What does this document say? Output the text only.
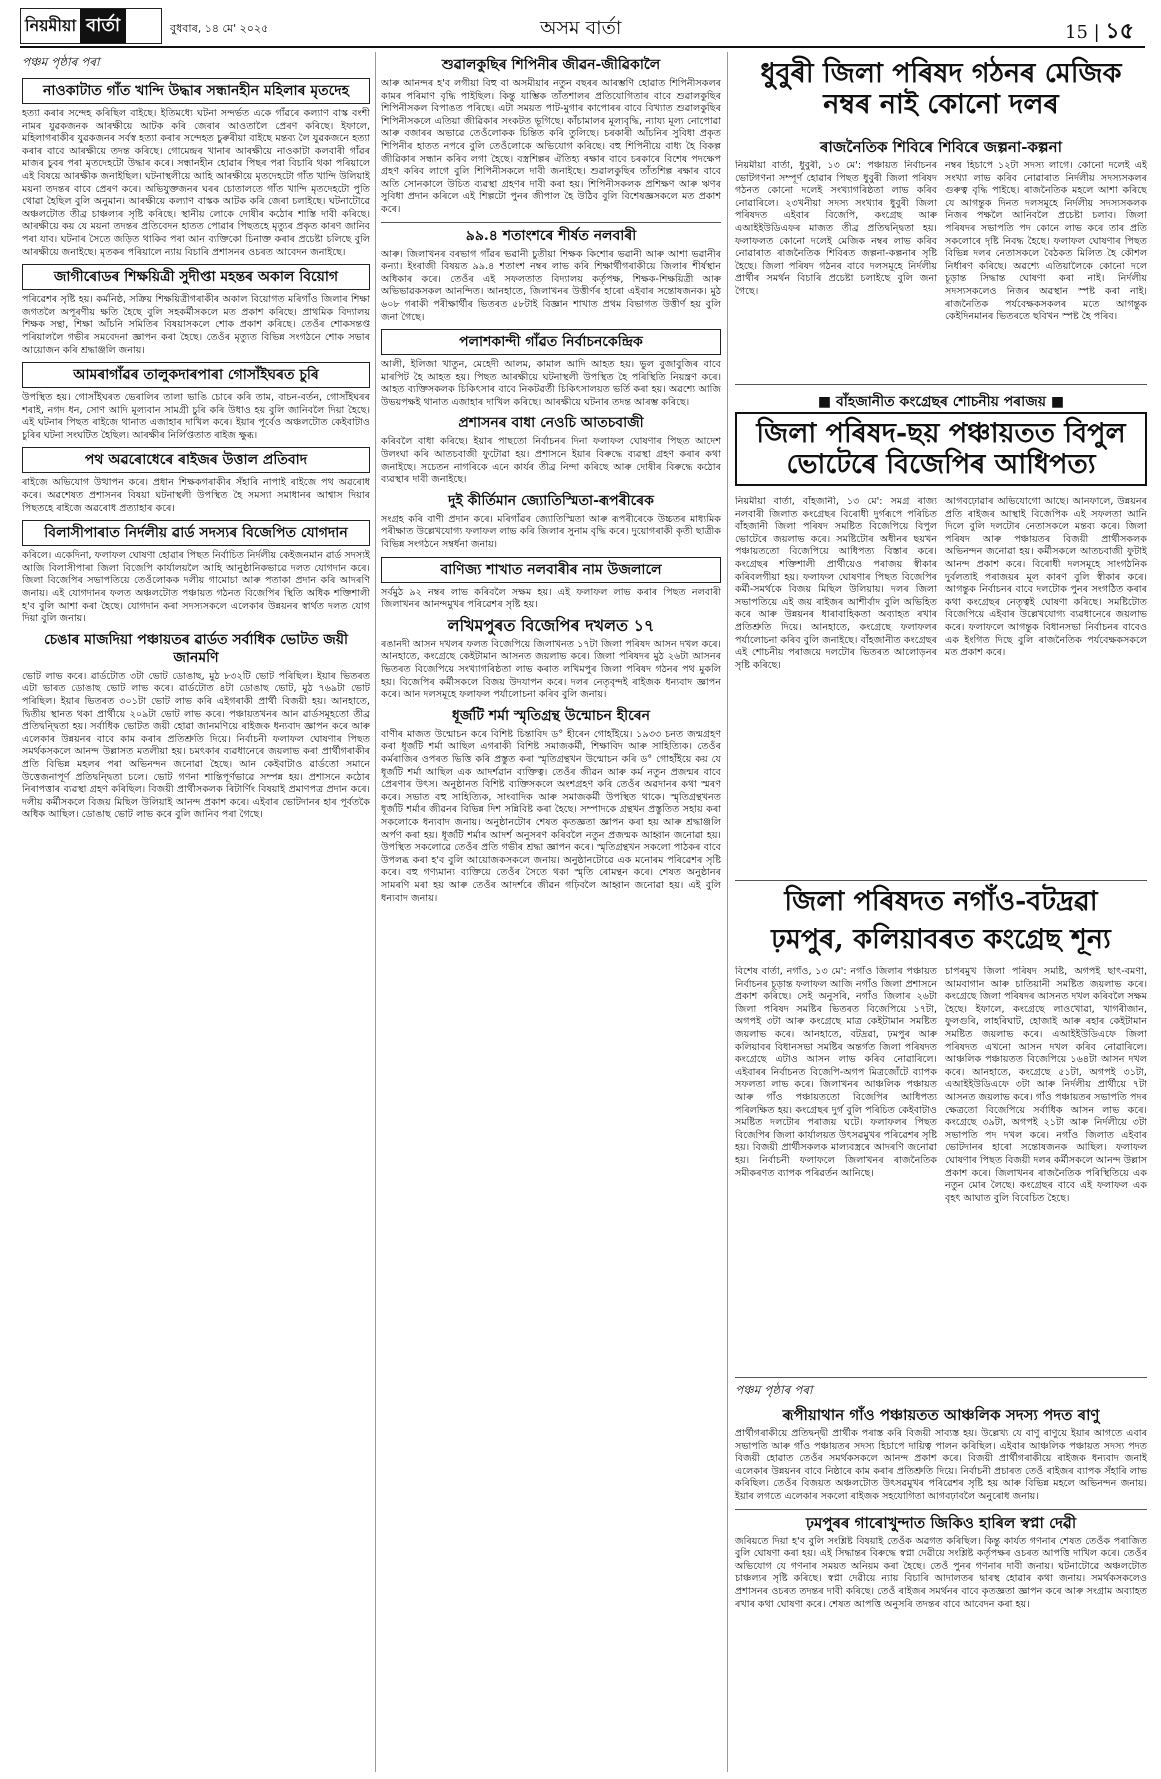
নিয়মীয়া বাৰ্তা	বুধবাৰ, ১৪ মে' ২০২৫	অসম বাৰ্তা	15 | ১৫
পঞ্চম পৃষ্ঠাৰ পৰা
নাওকাটাত গাঁত খান্দি উদ্ধাৰ সন্ধানহীন মহিলাৰ মৃতদেহ

হত্যা কৰাৰ সন্দেহ কৰিছিল বাইছে। ইতিমধ্যে ঘটনা সন্দৰ্ভত একে গাঁৱৰে কল্যাণ বাস্ক বংশী নামৰ যুৱকজনক আৰক্ষীয়ে আটক কৰি জেৰাৰ আওতালৈ প্ৰেৰণ কৰিছে। ইফালে, মহিলাগৰাকীৰ যুৱকজনৰ সৰ্বস্ব হত্যা কৰাৰ সন্দেহত চুৰুৰীয়া বাইছে মন্তব্য লৈ যুৱকজনে হত্যা কৰাৰ বাবে আৰক্ষীয়ে তদন্ত কৰিছে। গোমেন্দ্ৰৰ খানাৰ আৰক্ষীয়ে নাওকাটা কলবাৰী গাঁৱৰ মাজৰ চুবৰ পৰা মৃতদেহটো উদ্ধাৰ কৰে। সন্ধানহীন হোৱাৰ পিছৰ পৰা বিচাৰি থকা পৰিয়ালে এই বিষয়ে আৰক্ষীক জনাইছিল। ঘটনাস্থলীয়ে আহি আৰক্ষীয়ে মৃতদেহটো গাঁত খান্দি উলিয়াই ময়না তদন্তৰ বাবে প্ৰেৰণ কৰে। অভিযুক্তজনৰ ঘৰৰ চোতালতে গাঁত খান্দি মৃতদেহটো পুতি থোৱা হৈছিল বুলি অনুমান। আৰক্ষীয়ে কল্যাণ বাস্কক আটক কৰি জেৰা চলাইছে। ঘটনাটোৱে অঞ্চলটোত তীব্ৰ চাঞ্চল্যৰ সৃষ্টি কৰিছে। স্থানীয় লোকে দোষীৰ কঠোৰ শাস্তি দাবী কৰিছে। আৰক্ষীয়ে কয় যে ময়না তদন্তৰ প্ৰতিবেদন হাতত পোৱাৰ পিছতহে মৃত্যুৰ প্ৰকৃত কাৰণ জানিব পৰা যাব। ঘটনাৰ সৈতে জড়িত থাকিব পৰা আন ব্যক্তিকো চিনাক্ত কৰাৰ প্ৰচেষ্টা চলিছে বুলি আৰক্ষীয়ে জনাইছে। মৃতকৰ পৰিয়ালে ন্যায় বিচাৰি প্ৰশাসনৰ ওচৰত আবেদন জনাইছে।

জাগীৰোডৰ শিক্ষয়িত্ৰী সুদীপ্তা মহন্তৰ অকাল বিয়োগ

পৰিৱেশৰ সৃষ্টি হয়। কৰ্মনিষ্ঠ, সক্ৰিয় শিক্ষয়িত্ৰীগৰাকীৰ অকাল বিয়োগত মৰিগাঁও জিলাৰ শিক্ষা জগতলৈ অপূৰণীয় ক্ষতি হৈছে বুলি সহকৰ্মীসকলে মত প্ৰকাশ কৰিছে। প্ৰাথমিক বিদ্যালয় শিক্ষক সন্থা, শিক্ষা আঁচনি সমিতিৰ বিষয়াসকলে শোক প্ৰকাশ কৰিছে। তেওঁৰ শোকসন্তপ্ত পৰিয়াললৈ গভীৰ সমবেদনা জ্ঞাপন কৰা হৈছে। তেওঁৰ মৃত্যুত বিভিন্ন সংগঠনে শোক সভাৰ আয়োজন কৰি শ্ৰদ্ধাঞ্জলি জনায়।

আমৰাগাঁৱৰ তালুকদাৰপাৰা গোসাঁইঘৰত চুৰি

উপস্থিত হয়। গোসাঁইঘৰত ভেৰালিৰ তালা ভাঙি চোৰে কৰি তাম, বাচন-বৰ্তন, গোসাঁইঘৰৰ শৰাই, নগদ ধন, সোণ আদি মূল্যবান সামগ্ৰী চুৰি কৰি উধাও হয় বুলি জানিবলৈ দিয়া হৈছে। এই ঘটনাৰ পিছত ৰাইজে থানাত এজাহাৰ দাখিল কৰে। ইয়াৰ পূৰ্বেও অঞ্চলটোত কেইবাটাও চুৰিৰ ঘটনা সংঘটিত হৈছিল। আৰক্ষীৰ নিৰ্লিপ্ততাত ৰাইজ ক্ষুব্ধ।

পথ অৱৰোধেৰে ৰাইজৰ উত্তাল প্ৰতিবাদ

ৰাইজে অভিযোগ উত্থাপন কৰে। প্ৰধান শিক্ষকগৰাকীৰ সঁহাৰি নাপাই ৰাইজে পথ অৱৰোধ কৰে। অৱশেষত প্ৰশাসনৰ বিষয়া ঘটনাস্থলী উপস্থিত হৈ সমস্যা সমাধানৰ আশ্বাস দিয়াৰ পিছতহে ৰাইজে অৱৰোধ প্ৰত্যাহাৰ কৰে।

বিলাসীপাৰাত নিৰ্দলীয় ৱাৰ্ড সদস্যৰ বিজেপিত যোগদান

কৰিলে। একেদিনা, ফলাফল ঘোষণা হোৱাৰ পিছত নিৰ্বাচিত নিৰ্দলীয় কেইজনমান ৱাৰ্ড সদস্যই আজি বিলাসীপাৰা জিলা বিজেপি কাৰ্যালয়লৈ আহি আনুষ্ঠানিকভাৱে দলত যোগদান কৰে। জিলা বিজেপিৰ সভাপতিয়ে তেওঁলোকক দলীয় গামোচা আৰু পতাকা প্ৰদান কৰি আদৰণি জনায়। এই যোগদানৰ ফলত অঞ্চলটোত পঞ্চায়ত গঠনত বিজেপিৰ স্থিতি অধিক শক্তিশালী হ'ব বুলি আশা কৰা হৈছে। যোগদান কৰা সদস্যসকলে এলেকাৰ উন্নয়নৰ স্বাৰ্থত দলত যোগ দিয়া বুলি জনায়।

চেঙাৰ মাজদিয়া পঞ্চায়তৰ ৱাৰ্ডত সৰ্বাধিক ভোটত জয়ী জানমণি

ভোট লাভ কৰে। ৱাৰ্ডটোত ৩টা ভোট ডোঙাছ, মুঠ ৮৩২টি ভোট পৰিছিল। ইয়াৰ ভিতৰত এটা ভাৰত ডোঙাছ ভোট লাভ কৰে। ৱাৰ্ডটোত ৪টা ডোঙাছ ভোট, মুঠ ৭৬৯টা ভোট পৰিছিল। ইয়াৰ ভিতৰত ৩০১টা ভোট লাভ কৰি এইগৰাকী প্ৰাৰ্থী বিজয়ী হয়। আনহাতে, দ্বিতীয় স্থানত থকা প্ৰাৰ্থীয়ে ২০৯টা ভোট লাভ কৰে। পঞ্চায়তখনৰ আন ৱাৰ্ডসমূহতো তীব্ৰ প্ৰতিদ্বন্দ্বিতা হয়। সৰ্বাধিক ভোটত জয়ী হোৱা জানমণিয়ে ৰাইজক ধন্যবাদ জ্ঞাপন কৰে আৰু এলেকাৰ উন্নয়নৰ বাবে কাম কৰাৰ প্ৰতিশ্ৰুতি দিয়ে। নিৰ্বাচনী ফলাফল ঘোষণাৰ পিছত সমৰ্থকসকলে আনন্দ উল্লাসত মতলীয়া হয়। চমৎকাৰ ব্যৱধানেৰে জয়লাভ কৰা প্ৰাৰ্থীগৰাকীৰ প্ৰতি বিভিন্ন মহলৰ পৰা অভিনন্দন জনোৱা হৈছে। আন কেইবাটাও ৱাৰ্ডতো সমানে উত্তেজনাপূৰ্ণ প্ৰতিদ্বন্দ্বিতা চলে। ভোট গণনা শান্তিপূৰ্ণভাৱে সম্পন্ন হয়। প্ৰশাসনে কঠোৰ নিৰাপত্তাৰ ব্যৱস্থা গ্ৰহণ কৰিছিল। বিজয়ী প্ৰাৰ্থীসকলক ৰিটাৰ্ণিং বিষয়াই প্ৰমাণপত্ৰ প্ৰদান কৰে। দলীয় কৰ্মীসকলে বিজয় মিছিল উলিয়াই আনন্দ প্ৰকাশ কৰে। এইবাৰ ভোটদানৰ হাৰ পূৰ্বতকৈ অধিক আছিল। ডোঙাছ ভোট লাভ কৰে বুলি জানিব পৰা গৈছে।

শুৱালকুছিৰ শিপিনীৰ জীৱন-জীৱিকালৈ

আৰু আনন্দৰ হ'ব লগীয়া বিহু বা অসমীয়াৰ নতুন বছৰৰ আৰম্ভণি হোৱাত শিপিনীসকলৰ কামৰ পৰিমাণ বৃদ্ধি পাইছিল। কিন্তু যাম্ভিক তাঁতশালৰ প্ৰতিযোগিতাৰ বাবে শুৱালকুছিৰ শিপিনীসকল বিপাঙত পৰিছে। এটা সময়ত পাট-মুগাৰ কাপোৰৰ বাবে বিখ্যাত শুৱালকুছিৰ শিপিনীসকলে এতিয়া জীৱিকাৰ সংকটত ভূগিছে। কাঁচামালৰ মূল্যবৃদ্ধি, ন্যায্য মূল্য নোপোৱা আৰু বজাৰৰ অভাৱে তেওঁলোকক চিন্তিত কৰি তুলিছে। চৰকাৰী আঁচনিৰ সুবিধা প্ৰকৃত শিপিনীৰ হাতত নপৰে বুলি তেওঁলোকে অভিযোগ কৰিছে। বহু শিপিনীয়ে বাধ্য হৈ বিকল্প জীৱিকাৰ সন্ধান কৰিব লগা হৈছে। বস্ত্ৰশিল্পৰ ঐতিহ্য ৰক্ষাৰ বাবে চৰকাৰে বিশেষ পদক্ষেপ গ্ৰহণ কৰিব লাগে বুলি শিপিনীসকলে দাবী জনাইছে। শুৱালকুছিৰ তাঁতশিল্প ৰক্ষাৰ বাবে অতি সোনকালে উচিত ব্যৱস্থা গ্ৰহণৰ দাবী কৰা হয়। শিপিনীসকলক প্ৰশিক্ষণ আৰু ঋণৰ সুবিধা প্ৰদান কৰিলে এই শিল্পটো পুনৰ জীপাল হৈ উঠিব বুলি বিশেষজ্ঞসকলে মত প্ৰকাশ কৰে।

৯৯.৪ শতাংশৰে শীৰ্ষত নলবাৰী

আৰু। জিলাখনৰ বৰভাগ গাঁৱৰ ভৱানী চুতীয়া শিক্ষক কিশোৰ ভৱানী আৰু আশা ভৱানীৰ কন্যা। ইংৰাজী বিষয়ত ৯৯.৪ শতাংশ নম্বৰ লাভ কৰি শিক্ষাৰ্থীগৰাকীয়ে জিলাৰ শীৰ্ষস্থান অধিকাৰ কৰে। তেওঁৰ এই সফলতাত বিদ্যালয় কৰ্তৃপক্ষ, শিক্ষক-শিক্ষয়িত্ৰী আৰু অভিভাৱকসকল আনন্দিত। আনহাতে, জিলাখনৰ উত্তীৰ্ণৰ হাৰো এইবাৰ সন্তোষজনক। মুঠ ৬০৮ গৰাকী পৰীক্ষাৰ্থীৰ ভিতৰত ৫৮টাই বিজ্ঞান শাখাত প্ৰথম বিভাগত উত্তীৰ্ণ হয় বুলি জনা গৈছে।

পলাশকান্দী গাঁৱত নিৰ্বাচনকেন্দ্ৰিক

আলী, ইলিজা খাতুন, মেহেদী আলম, কামাল আদি আহত হয়। ভুল বুজাবুজিৰ বাবে মাৰপিট হৈ আহত হয়। পিছত আৰক্ষীয়ে ঘটনাস্থলী উপস্থিত হৈ পৰিস্থিতি নিয়ন্ত্ৰণ কৰে। আহত ব্যক্তিসকলক চিকিৎসাৰ বাবে নিকটৱৰ্তী চিকিৎসালয়ত ভৰ্তি কৰা হয়। অৱশ্যে আজি উভয়পক্ষই থানাত এজাহাৰ দাখিল কৰিছে। আৰক্ষীয়ে ঘটনাৰ তদন্ত আৰম্ভ কৰিছে।

প্ৰশাসনৰ বাধা নেওচি আতচবাজী

কৰিবলৈ বাধা কৰিছে। ইয়াৰ পাছতো নিৰ্বাচনৰ দিনা ফলাফল ঘোষণাৰ পিছত আদেশ উলংঘা কৰি আতচবাজী ফুটোৱা হয়। প্ৰশাসনে ইয়াৰ বিৰুদ্ধে ব্যৱস্থা গ্ৰহণ কৰাৰ কথা জনাইছে। সচেতন নাগৰিকে এনে কাৰ্যৰ তীব্ৰ নিন্দা কৰিছে আৰু দোষীৰ বিৰুদ্ধে কঠোৰ ব্যৱস্থাৰ দাবী জনাইছে।

দুই কীৰ্তিমান জ্যোতিস্মিতা-ৰূপৰীৰেক

সংগ্ৰহ কৰি বাণী প্ৰদান কৰে। মৰিগাঁৱৰ জ্যোতিস্মিতা আৰু ৰূপৰীৰেকে উচ্চতৰ মাধ্যমিক পৰীক্ষাত উল্লেখযোগ্য ফলাফল লাভ কৰি জিলাৰ সুনাম বৃদ্ধি কৰে। দুয়োগৰাকী কৃতী ছাত্ৰীক বিভিন্ন সংগঠনে সম্বৰ্ধনা জনায়।

বাণিজ্য শাখাত নলবাৰীৰ নাম উজলালে

সৰ্বমুঠ ৯২ নম্বৰ লাভ কৰিবলৈ সক্ষম হয়। এই ফলাফল লাভ কৰাৰ পিছত নলবাৰী জিলাখনৰ আনন্দমুখৰ পৰিৱেশৰ সৃষ্টি হয়।

লখিমপুৰত বিজেপিৰ দখলত ১৭

ৰঙানদী আসন দখলৰ ফলত বিজেপিয়ে জিলাখনত ১৭টা জিলা পৰিষদ আসন দখল কৰে। আনহাতে, কংগ্ৰেছে কেইটামান আসনত জয়লাভ কৰে। জিলা পৰিষদৰ মুঠ ২৬টা আসনৰ ভিতৰত বিজেপিয়ে সংখ্যাগৰিষ্ঠতা লাভ কৰাত লখিমপুৰ জিলা পৰিষদ গঠনৰ পথ মুকলি হয়। বিজেপিৰ কৰ্মীসকলে বিজয় উদযাপন কৰে। দলৰ নেতৃবৃন্দই ৰাইজক ধন্যবাদ জ্ঞাপন কৰে। আন দলসমূহে ফলাফল পৰ্যালোচনা কৰিব বুলি জনায়।

ধূৰ্জটি শৰ্মা স্মৃতিগ্ৰন্থ উন্মোচন হীৰেন

বাণীৰ মাজত উন্মোচন কৰে বিশিষ্ট চিন্তাবিদ ড° হীৰেন গোহাঁইয়ে। ১৯৩৩ চনত জন্মগ্ৰহণ কৰা ধূৰ্জটি শৰ্মা আছিল এগৰাকী বিশিষ্ট সমাজকৰ্মী, শিক্ষাবিদ আৰু সাহিত্যিক। তেওঁৰ কৰ্মৰাজিৰ ওপৰত ভিত্তি কৰি প্ৰস্তুত কৰা স্মৃতিগ্ৰন্থখন উন্মোচন কৰি ড° গোহাঁইয়ে কয় যে ধূৰ্জটি শৰ্মা আছিল এক আদৰ্শৱান ব্যক্তিত্ব। তেওঁৰ জীৱন আৰু কৰ্ম নতুন প্ৰজন্মৰ বাবে প্ৰেৰণাৰ উৎস। অনুষ্ঠানত বিশিষ্ট ব্যক্তিসকলে অংশগ্ৰহণ কৰি তেওঁৰ অৱদানৰ কথা স্মৰণ কৰে। সভাত বহু সাহিত্যিক, সাংবাদিক আৰু সমাজকৰ্মী উপস্থিত থাকে। স্মৃতিগ্ৰন্থখনত ধূৰ্জটি শৰ্মাৰ জীৱনৰ বিভিন্ন দিশ সন্নিবিষ্ট কৰা হৈছে। সম্পাদকে গ্ৰন্থখন প্ৰস্তুতিত সহায় কৰা সকলোকে ধন্যবাদ জনায়। অনুষ্ঠানটোৰ শেষত কৃতজ্ঞতা জ্ঞাপন কৰা হয় আৰু শ্ৰদ্ধাঞ্জলি অৰ্পণ কৰা হয়। ধূৰ্জটি শৰ্মাৰ আদৰ্শ অনুসৰণ কৰিবলৈ নতুন প্ৰজন্মক আহ্বান জনোৱা হয়। উপস্থিত সকলোৱে তেওঁৰ প্ৰতি গভীৰ শ্ৰদ্ধা জ্ঞাপন কৰে। স্মৃতিগ্ৰন্থখন সকলো পাঠকৰ বাবে উপলব্ধ কৰা হ'ব বুলি আয়োজকসকলে জনায়। অনুষ্ঠানটোৱে এক মনোৰম পৰিৱেশৰ সৃষ্টি কৰে। বহু গণ্যমান্য ব্যক্তিয়ে তেওঁৰ সৈতে থকা স্মৃতি ৰোমন্থন কৰে। শেষত অনুষ্ঠানৰ সামৰণি মৰা হয় আৰু তেওঁৰ আদৰ্শৰে জীৱন গঢ়িবলৈ আহ্বান জনোৱা হয়। এই বুলি ধন্যবাদ জনায়।

ধুবুৰী জিলা পৰিষদ গঠনৰ মেজিক নম্বৰ নাই কোনো দলৰ
ৰাজনৈতিক শিবিৰে শিবিৰে জল্পনা-কল্পনা

নিয়মীয়া বাৰ্তা, ধুবুৰী, ১৩ মে': পঞ্চায়ত নিৰ্বাচনৰ ভোটগণনা সম্পূৰ্ণ হোৱাৰ পিছত ধুবুৰী জিলা পৰিষদ গঠনত কোনো দলেই সংখ্যাগৰিষ্ঠতা লাভ কৰিব নোৱাৰিলে। ২৩খনীয়া সদস্য সংখ্যাৰ ধুবুৰী জিলা পৰিষদত এইবাৰ বিজেপি, কংগ্ৰেছ আৰু এআইইউডিএফৰ মাজত তীব্ৰ প্ৰতিদ্বন্দ্বিতা হয়। ফলাফলত কোনো দলেই মেজিক নম্বৰ লাভ কৰিব নোৱাৰাত ৰাজনৈতিক শিবিৰত জল্পনা-কল্পনাৰ সৃষ্টি হৈছে। জিলা পৰিষদ গঠনৰ বাবে দলসমূহে নিৰ্দলীয় প্ৰাৰ্থীৰ সমৰ্থন বিচাৰি প্ৰচেষ্টা চলাইছে বুলি জনা গৈছে।

নম্বৰ হিচাপে ১২টা সদস্য লাগে। কোনো দলেই এই সংখ্যা লাভ কৰিব নোৱাৰাত নিৰ্দলীয় সদস্যসকলৰ গুৰুত্ব বৃদ্ধি পাইছে। ৰাজনৈতিক মহলে আশা কৰিছে যে আগন্তুক দিনত দলসমূহে নিৰ্দলীয় সদস্যসকলক নিজৰ পক্ষলৈ আনিবলৈ প্ৰচেষ্টা চলাব। জিলা পৰিষদৰ সভাপতি পদ কোনে লাভ কৰে তাৰ প্ৰতি সকলোৰে দৃষ্টি নিবদ্ধ হৈছে। ফলাফল ঘোষণাৰ পিছত বিভিন্ন দলৰ নেতাসকলে বৈঠকত মিলিত হৈ কৌশল নিৰ্ধাৰণ কৰিছে। অৱশ্যে এতিয়ালৈকে কোনো দলে চূড়ান্ত সিদ্ধান্ত ঘোষণা কৰা নাই। নিৰ্দলীয় সদস্যসকলেও নিজৰ অৱস্থান স্পষ্ট কৰা নাই। ৰাজনৈতিক পৰ্যবেক্ষকসকলৰ মতে আগন্তুক কেইদিনমানৰ ভিতৰতে ছবিখন স্পষ্ট হৈ পৰিব।

■ বাঁহজানীত কংগ্ৰেছৰ শোচনীয় পৰাজয় ■
জিলা পৰিষদ-ছয় পঞ্চায়তত বিপুল ভোটেৰে বিজেপিৰ আধিপত্য

নিয়মীয়া বাৰ্তা, বাঁহজানী, ১৩ মে': সমগ্ৰ ৰাজ্য নলবাৰী জিলাত কংগ্ৰেছৰ বিৰোধী দুৰ্গৰূপে পৰিচিত বাঁহজানী জিলা পৰিষদ সমষ্টিত বিজেপিয়ে বিপুল ভোটেৰে জয়লাভ কৰে। সমষ্টিটোৰ অধীনৰ ছয়খন পঞ্চায়ততো বিজেপিয়ে আধিপত্য বিস্তাৰ কৰে। কংগ্ৰেছৰ শক্তিশালী প্ৰাৰ্থীয়েও পৰাজয় স্বীকাৰ কৰিবলগীয়া হয়। ফলাফল ঘোষণাৰ পিছত বিজেপিৰ কৰ্মী-সমৰ্থকে বিজয় মিছিল উলিয়ায়। দলৰ জিলা সভাপতিয়ে এই জয় ৰাইজৰ আশীৰ্বাদ বুলি অভিহিত কৰে আৰু উন্নয়নৰ ধাৰাবাহিকতা অব্যাহত ৰখাৰ প্ৰতিশ্ৰুতি দিয়ে। আনহাতে, কংগ্ৰেছে ফলাফলৰ পৰ্যালোচনা কৰিব বুলি জনাইছে। বাঁহজানীত কংগ্ৰেছৰ এই শোচনীয় পৰাজয়ে দলটোৰ ভিতৰত আলোড়নৰ সৃষ্টি কৰিছে।

আগবঢ়োৱাৰ অভিযোগো আছে। আনফালে, উন্নয়নৰ প্ৰতি ৰাইজৰ আস্থাই বিজেপিক এই সফলতা আনি দিলে বুলি দলটোৰ নেতাসকলে মন্তব্য কৰে। জিলা পৰিষদ আৰু পঞ্চায়তৰ বিজয়ী প্ৰাৰ্থীসকলক অভিনন্দন জনোৱা হয়। কৰ্মীসকলে আতচবাজী ফুটাই আনন্দ প্ৰকাশ কৰে। বিৰোধী দলসমূহে সাংগঠনিক দুৰ্বলতাই পৰাজয়ৰ মূল কাৰণ বুলি স্বীকাৰ কৰে। আগন্তুক নিৰ্বাচনৰ বাবে দলটোক পুনৰ সংগঠিত কৰাৰ কথা কংগ্ৰেছৰ নেতৃত্বই ঘোষণা কৰিছে। সমষ্টিটোত বিজেপিয়ে এইবাৰ উল্লেখযোগ্য ব্যৱধানেৰে জয়লাভ কৰে। ফলাফলে আগন্তুক বিধানসভা নিৰ্বাচনৰ বাবেও এক ইংগিত দিছে বুলি ৰাজনৈতিক পৰ্যবেক্ষকসকলে মত প্ৰকাশ কৰে।

জিলা পৰিষদত নগাঁও-বটদ্ৰৱা
ঢ়মপুৰ, কলিয়াবৰত কংগ্ৰেছ শূন্য

বিশেষ বাৰ্তা, নগাঁও, ১৩ মে': নগাঁও জিলাৰ পঞ্চায়ত নিৰ্বাচনৰ চূড়ান্ত ফলাফল আজি নগাঁও জিলা প্ৰশাসনে প্ৰকাশ কৰিছে। সেই অনুসৰি, নগাঁও জিলাৰ ২৬টা জিলা পৰিষদ সমষ্টিৰ ভিতৰত বিজেপিয়ে ১৭টা, অগপই ৩টা আৰু কংগ্ৰেছে মাত্ৰ কেইটামান সমষ্টিত জয়লাভ কৰে। আনহাতে, বটদ্ৰৱা, ঢ়মপুৰ আৰু কলিয়াবৰ বিধানসভা সমষ্টিৰ অন্তৰ্গত জিলা পৰিষদত কংগ্ৰেছে এটাও আসন লাভ কৰিব নোৱাৰিলে। এইবাৰৰ নিৰ্বাচনত বিজেপি-অগপ মিত্ৰজোঁটে ব্যাপক সফলতা লাভ কৰে। জিলাখনৰ আঞ্চলিক পঞ্চায়ত আৰু গাঁও পঞ্চায়ততো বিজেপিৰ আধিপত্য পৰিলক্ষিত হয়। কংগ্ৰেছৰ দুৰ্গ বুলি পৰিচিত কেইবাটাও সমষ্টিত দলটোৰ পৰাজয় ঘটে। ফলাফলৰ পিছত বিজেপিৰ জিলা কাৰ্যালয়ত উৎসৱমুখৰ পৰিৱেশৰ সৃষ্টি হয়। বিজয়ী প্ৰাৰ্থীসকলক মাল্যবস্ত্ৰৰে আদৰণি জনোৱা হয়। নিৰ্বাচনী ফলাফলে জিলাখনৰ ৰাজনৈতিক সমীকৰণত ব্যাপক পৰিৱৰ্তন আনিছে।

চাপৰমুখ জিলা পৰিষদ সমষ্টি, অগপই ছাৎ-বমণা, আমবাগান আৰু চাতিয়ানী সমষ্টিত জয়লাভ কৰে। কংগ্ৰেছে জিলা পৰিষদৰ আসনত দখল কৰিবলৈ সক্ষম হৈছে। ইফালে, কংগ্ৰেছে লাওখোৱা, খাগৰীজান, ফুলগুৰি, লাহৰিঘাট, হোজাই আৰু ৰহাৰ কেইটামান সমষ্টিত জয়লাভ কৰে। এআইইউডিএফে জিলা পৰিষদত এখনো আসন দখল কৰিব নোৱাৰিলে। আঞ্চলিক পঞ্চায়তত বিজেপিয়ে ১৬৪টা আসন দখল কৰে। আনহাতে, কংগ্ৰেছে ৫১টা, অগপই ৩১টা, এআইইউডিএফে ৩টা আৰু নিৰ্দলীয় প্ৰাৰ্থীয়ে ৭টা আসনত জয়লাভ কৰে। গাঁও পঞ্চায়তৰ সভাপতি পদৰ ক্ষেত্ৰতো বিজেপিয়ে সৰ্বাধিক আসন লাভ কৰে। কংগ্ৰেছে ৩৯টা, অগপই ২১টা আৰু নিৰ্দলীয়ে ৩টা সভাপতি পদ দখল কৰে। নগাঁও জিলাত এইবাৰ ভোটদানৰ হাৰো সন্তোষজনক আছিল। ফলাফল ঘোষণাৰ পিছত বিজয়ী দলৰ কৰ্মীসকলে আনন্দ উল্লাস প্ৰকাশ কৰে। জিলাখনৰ ৰাজনৈতিক পৰিস্থিতিয়ে এক নতুন মোৰ লৈছে। কংগ্ৰেছৰ বাবে এই ফলাফল এক বৃহৎ আঘাত বুলি বিবেচিত হৈছে।

পঞ্চম পৃষ্ঠাৰ পৰা
ৰূপীয়াথান গাঁও পঞ্চায়তত আঞ্চলিক সদস্য পদত ৰাণু

প্ৰাৰ্থীগৰাকীয়ে প্ৰতিদ্বন্দ্বী প্ৰাৰ্থীক পৰাস্ত কৰি বিজয়ী সাব্যস্ত হয়। উল্লেখ্য যে বাণু ৰাণুয়ে ইয়াৰ আগতে এবাৰ সভাপতি আৰু গাঁও পঞ্চায়তৰ সদস্য হিচাপে দায়িত্ব পালন কৰিছিল। এইবাৰ আঞ্চলিক পঞ্চায়ত সদস্য পদত বিজয়ী হোৱাত তেওঁৰ সমৰ্থকসকলে আনন্দ প্ৰকাশ কৰে। বিজয়ী প্ৰাৰ্থীগৰাকীয়ে ৰাইজক ধন্যবাদ জনাই এলেকাৰ উন্নয়নৰ বাবে নিষ্ঠাৰে কাম কৰাৰ প্ৰতিশ্ৰুতি দিয়ে। নিৰ্বাচনী প্ৰচাৰত তেওঁ ৰাইজৰ ব্যাপক সঁহাৰি লাভ কৰিছিল। তেওঁৰ বিজয়ত অঞ্চলটোত উৎসৱমুখৰ পৰিৱেশৰ সৃষ্টি হয় আৰু বিভিন্ন মহলে অভিনন্দন জনায়। ইয়াৰ লগতে এলেকাৰ সকলো ৰাইজক সহযোগিতা আগবঢ়াবলৈ অনুৰোধ জনায়।

ঢ়মপুৰৰ গাৰোখুন্দাত জিকিও হাৰিল স্বপ্না দেৱী

জৰিয়তে দিয়া হ'ব বুলি সংশ্লিষ্ট বিষয়াই তেওঁক অৱগত কৰিছিল। কিন্তু কাৰ্যত গণনাৰ শেষত তেওঁক পৰাজিত বুলি ঘোষণা কৰা হয়। এই সিদ্ধান্তৰ বিৰুদ্ধে স্বপ্না দেৱীয়ে সংশ্লিষ্ট কৰ্তৃপক্ষৰ ওচৰত আপত্তি দাখিল কৰে। তেওঁৰ অভিযোগ যে গণনাৰ সময়ত অনিয়ম কৰা হৈছে। তেওঁ পুনৰ গণনাৰ দাবী জনায়। ঘটনাটোৱে অঞ্চলটোত চাঞ্চল্যৰ সৃষ্টি কৰিছে। স্বপ্না দেৱীয়ে ন্যায় বিচাৰি আদালতৰ দ্বাৰস্থ হোৱাৰ কথা জনায়। সমৰ্থকসকলেও প্ৰশাসনৰ ওচৰত তদন্তৰ দাবী কৰিছে। তেওঁ ৰাইজৰ সমৰ্থনৰ বাবে কৃতজ্ঞতা জ্ঞাপন কৰে আৰু সংগ্ৰাম অব্যাহত ৰখাৰ কথা ঘোষণা কৰে। শেষত আপত্তি অনুসৰি তদন্তৰ বাবে আবেদন কৰা হয়।
